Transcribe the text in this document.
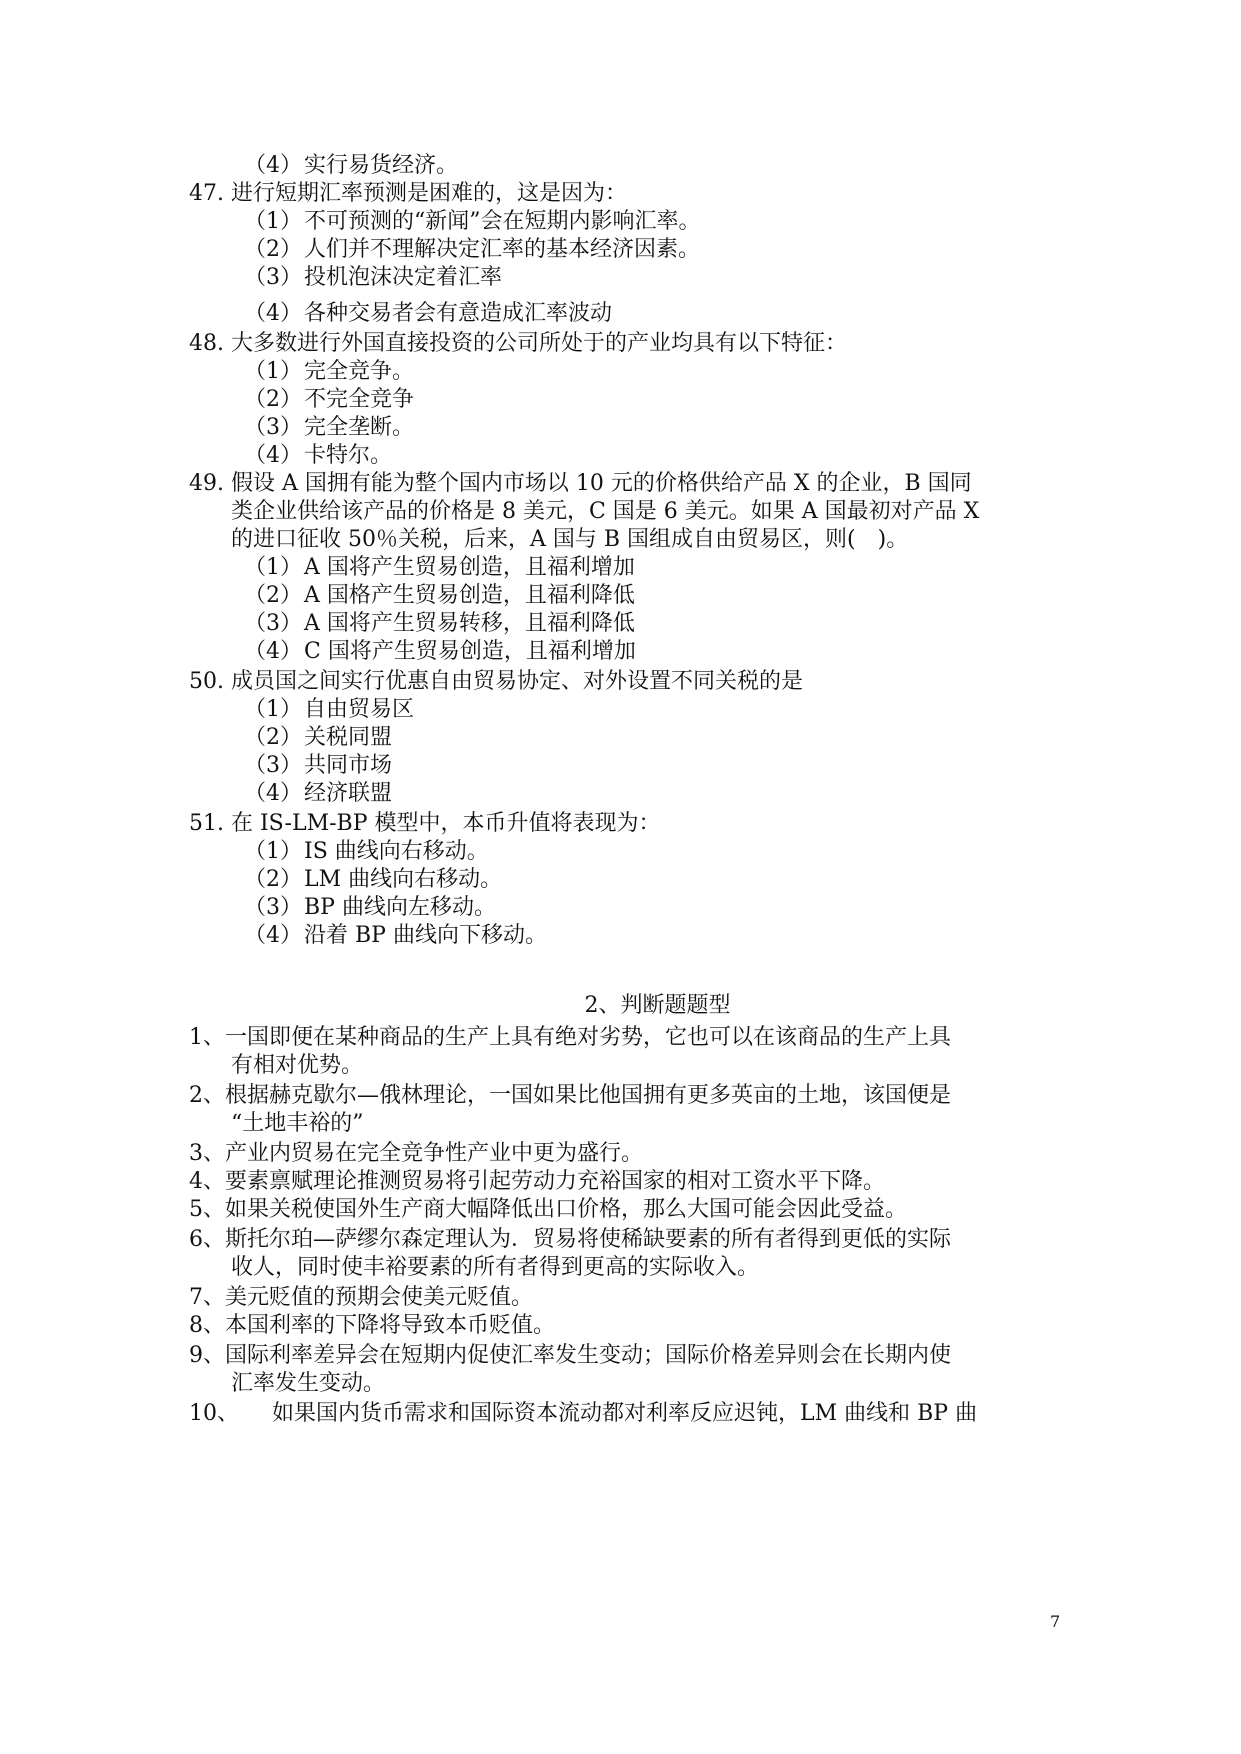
（4）实行易货经济。
47. 进行短期汇率预测是困难的，这是因为：
（1）不可预测的“新闻”会在短期内影响汇率。
（2）人们并不理解决定汇率的基本经济因素。
（3）投机泡沫决定着汇率
（4）各种交易者会有意造成汇率波动
48. 大多数进行外国直接投资的公司所处于的产业均具有以下特征：
（1）完全竞争。
（2）不完全竞争
（3）完全垄断。
（4）卡特尔。
49. 假设 A 国拥有能为整个国内市场以 10 元的价格供给产品 X 的企业，B 国同
类企业供给该产品的价格是 8 美元，C 国是 6 美元。如果 A 国最初对产品 X
的进口征收 50％关税，后来，A 国与 B 国组成自由贸易区，则(　)。
（1）A 国将产生贸易创造，且福利增加
（2）A 国格产生贸易创造，且福利降低
（3）A 国将产生贸易转移，且福利降低
（4）C 国将产生贸易创造，且福利增加
50. 成员国之间实行优惠自由贸易协定、对外设置不同关税的是
（1）自由贸易区
（2）关税同盟
（3）共同市场
（4）经济联盟
51. 在 IS-LM-BP 模型中，本币升值将表现为：
（1）IS 曲线向右移动。
（2）LM 曲线向右移动。
（3）BP 曲线向左移动。
（4）沿着 BP 曲线向下移动。
2、判断题题型
1、一国即便在某种商品的生产上具有绝对劣势，它也可以在该商品的生产上具
有相对优势。
2、根据赫克歇尔—俄林理论，一国如果比他国拥有更多英亩的土地，该国便是
“土地丰裕的”
3、产业内贸易在完全竞争性产业中更为盛行。
4、要素禀赋理论推测贸易将引起劳动力充裕国家的相对工资水平下降。
5、如果关税使国外生产商大幅降低出口价格，那么大国可能会因此受益。
6、斯托尔珀—萨缪尔森定理认为．贸易将使稀缺要素的所有者得到更低的实际
收人，同时使丰裕要素的所有者得到更高的实际收入。
7、美元贬值的预期会使美元贬值。
8、本国利率的下降将导致本币贬值。
9、国际利率差异会在短期内促使汇率发生变动；国际价格差异则会在长期内使
汇率发生变动。
10、　　如果国内货币需求和国际资本流动都对利率反应迟钝，LM 曲线和 BP 曲
7
